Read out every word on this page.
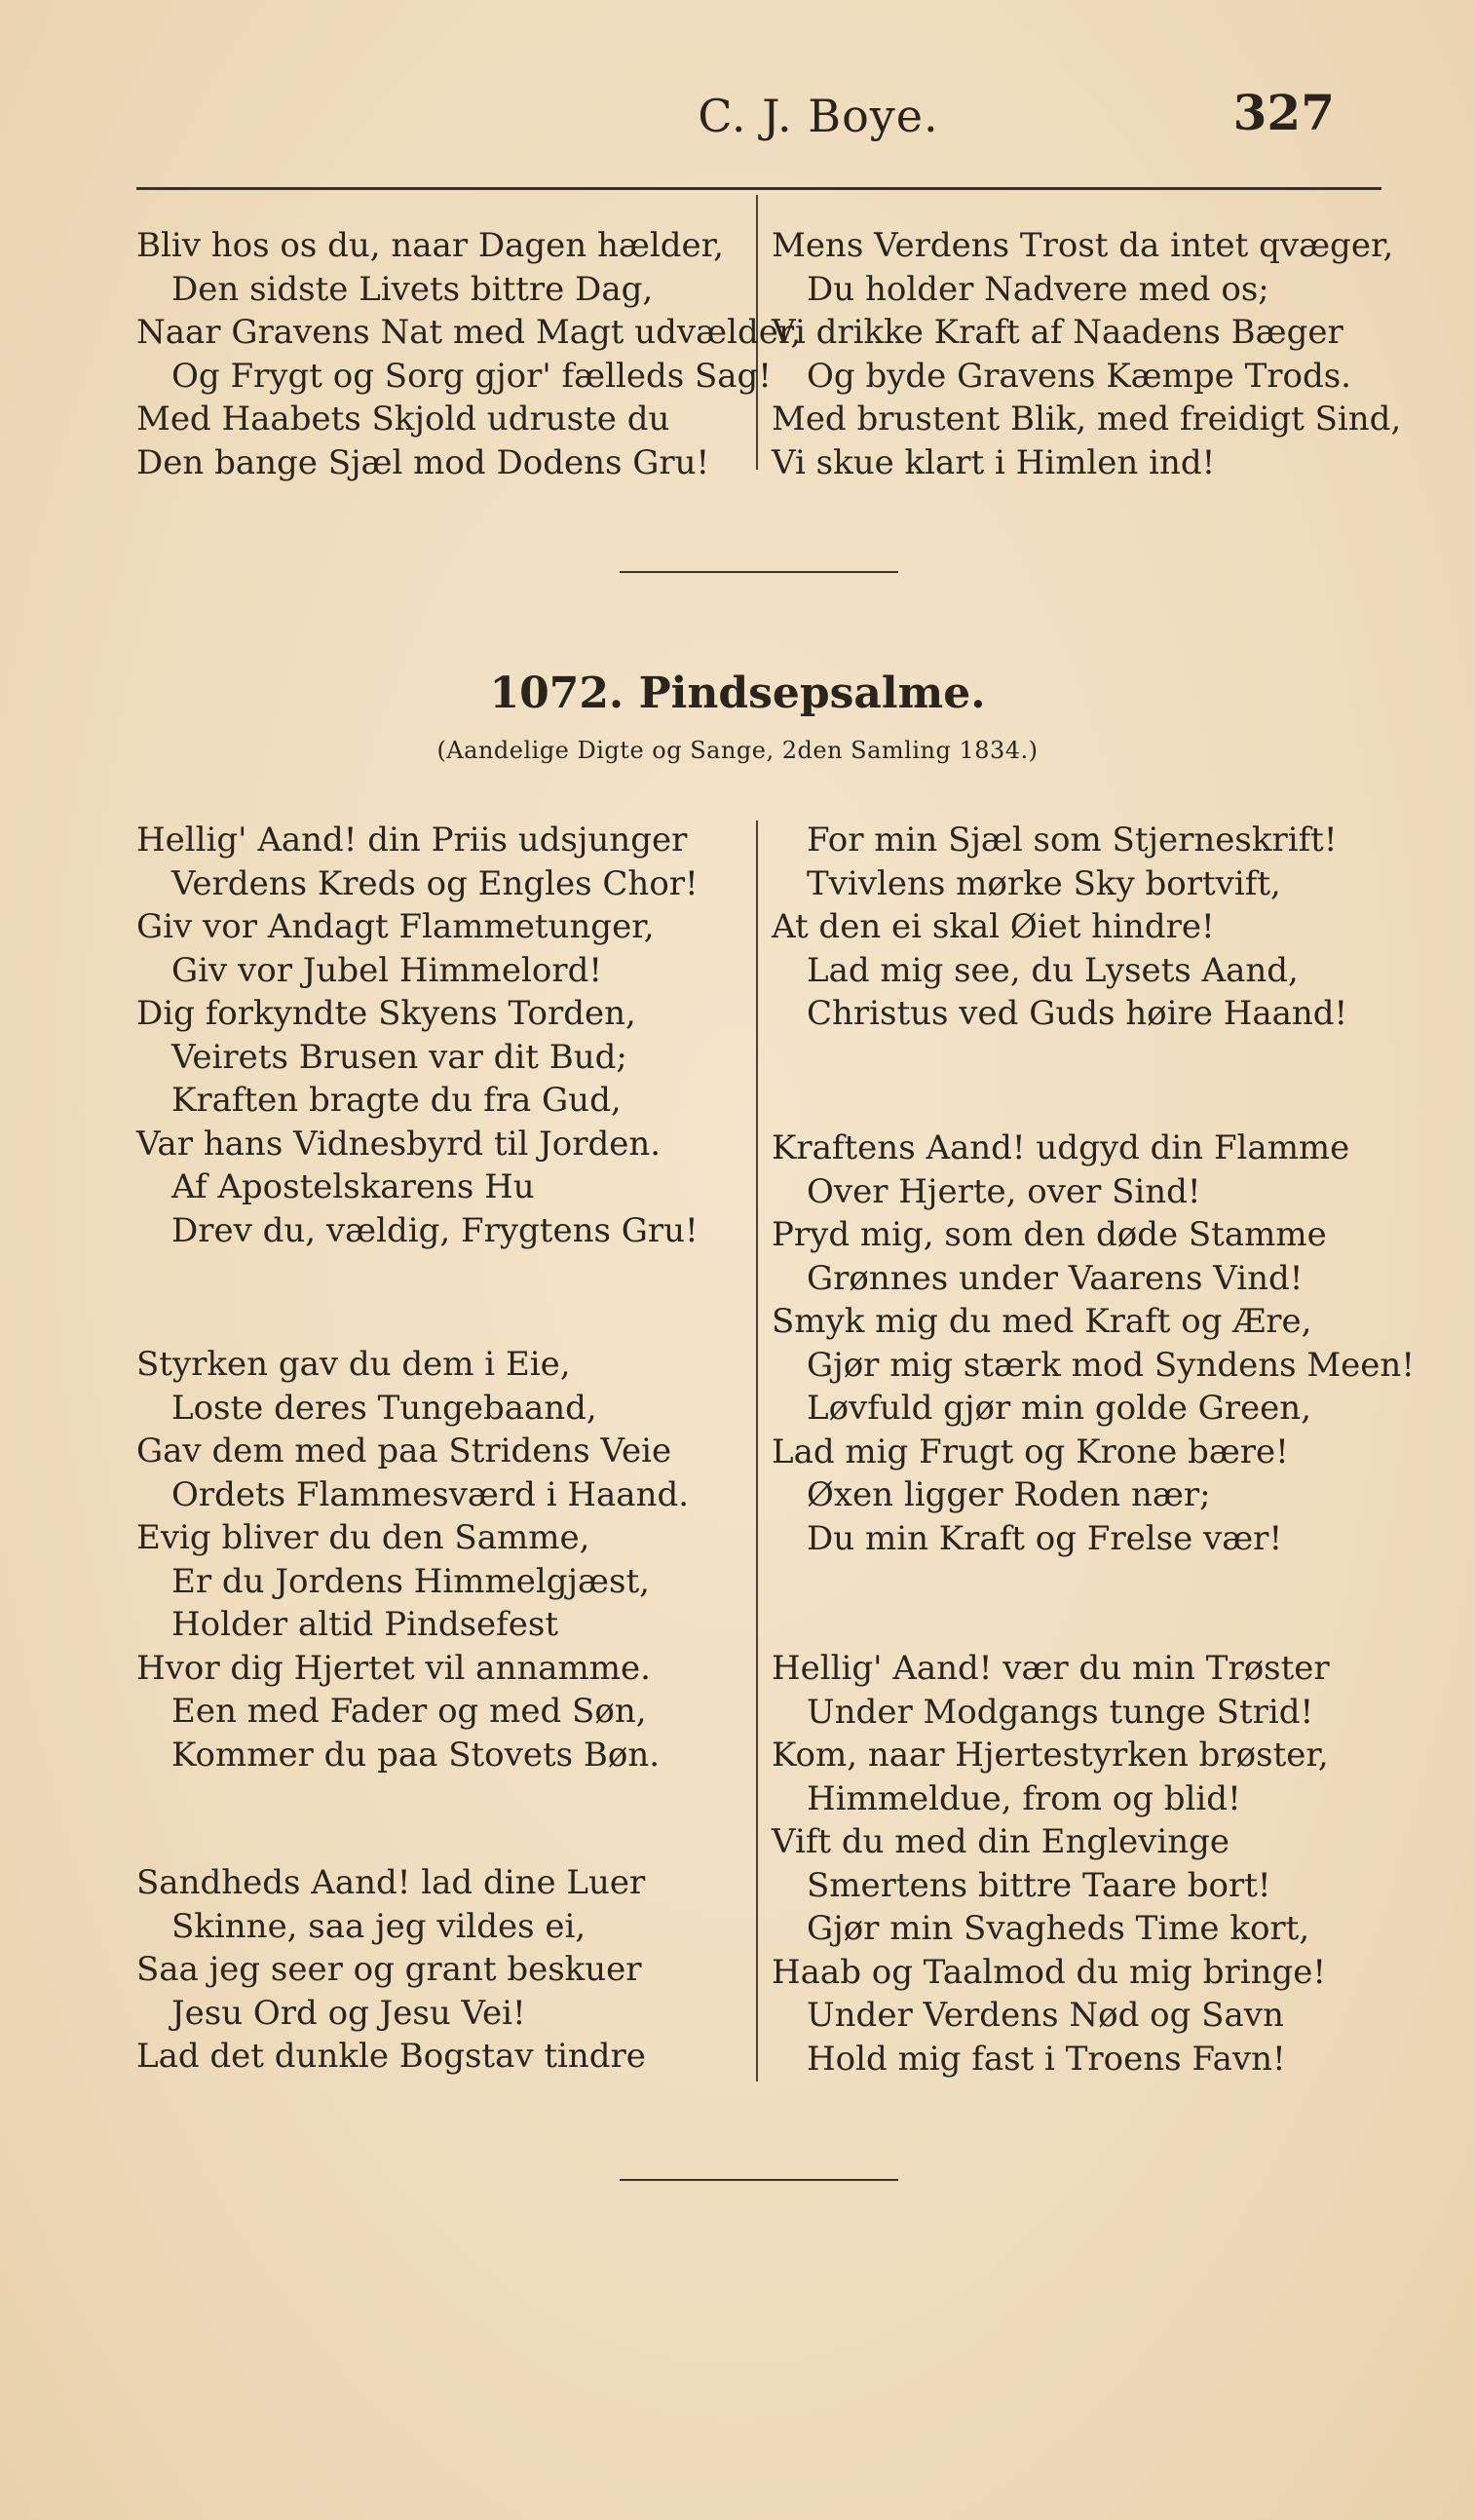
C. J. Boye.	327
Bliv hos os du, naar Dagen hælder,
Den sidste Livets bittre Dag,
Naar Gravens Nat med Magt udvælder,
Og Frygt og Sorg gjor' fælleds Sag!
Med Haabets Skjold udruste du
Den bange Sjæl mod Dodens Gru!
Mens Verdens Trost da intet qvæger,
Du holder Nadvere med os;
Vi drikke Kraft af Naadens Bæger
Og byde Gravens Kæmpe Trods.
Med brustent Blik, med freidigt Sind,
Vi skue klart i Himlen ind!
1072. Pindsepsalme.
(Aandelige Digte og Sange, 2den Samling 1834.)
Hellig' Aand! din Priis udsjunger
Verdens Kreds og Engles Chor!
Giv vor Andagt Flammetunger,
Giv vor Jubel Himmelord!
Dig forkyndte Skyens Torden,
Veirets Brusen var dit Bud;
Kraften bragte du fra Gud,
Var hans Vidnesbyrd til Jorden.
Af Apostelskarens Hu
Drev du, vældig, Frygtens Gru!
Styrken gav du dem i Eie,
Loste deres Tungebaand,
Gav dem med paa Stridens Veie
Ordets Flammesværd i Haand.
Evig bliver du den Samme,
Er du Jordens Himmelgjæst,
Holder altid Pindsefest
Hvor dig Hjertet vil annamme.
Een med Fader og med Søn,
Kommer du paa Stovets Bøn.
Sandheds Aand! lad dine Luer
Skinne, saa jeg vildes ei,
Saa jeg seer og grant beskuer
Jesu Ord og Jesu Vei!
Lad det dunkle Bogstav tindre
For min Sjæl som Stjerneskrift!
Tvivlens mørke Sky bortvift,
At den ei skal Øiet hindre!
Lad mig see, du Lysets Aand,
Christus ved Guds høire Haand!
Kraftens Aand! udgyd din Flamme
Over Hjerte, over Sind!
Pryd mig, som den døde Stamme
Grønnes under Vaarens Vind!
Smyk mig du med Kraft og Ære,
Gjør mig stærk mod Syndens Meen!
Løvfuld gjør min golde Green,
Lad mig Frugt og Krone bære!
Øxen ligger Roden nær;
Du min Kraft og Frelse vær!
Hellig' Aand! vær du min Trøster
Under Modgangs tunge Strid!
Kom, naar Hjertestyrken brøster,
Himmeldue, from og blid!
Vift du med din Englevinge
Smertens bittre Taare bort!
Gjør min Svagheds Time kort,
Haab og Taalmod du mig bringe!
Under Verdens Nød og Savn
Hold mig fast i Troens Favn!
